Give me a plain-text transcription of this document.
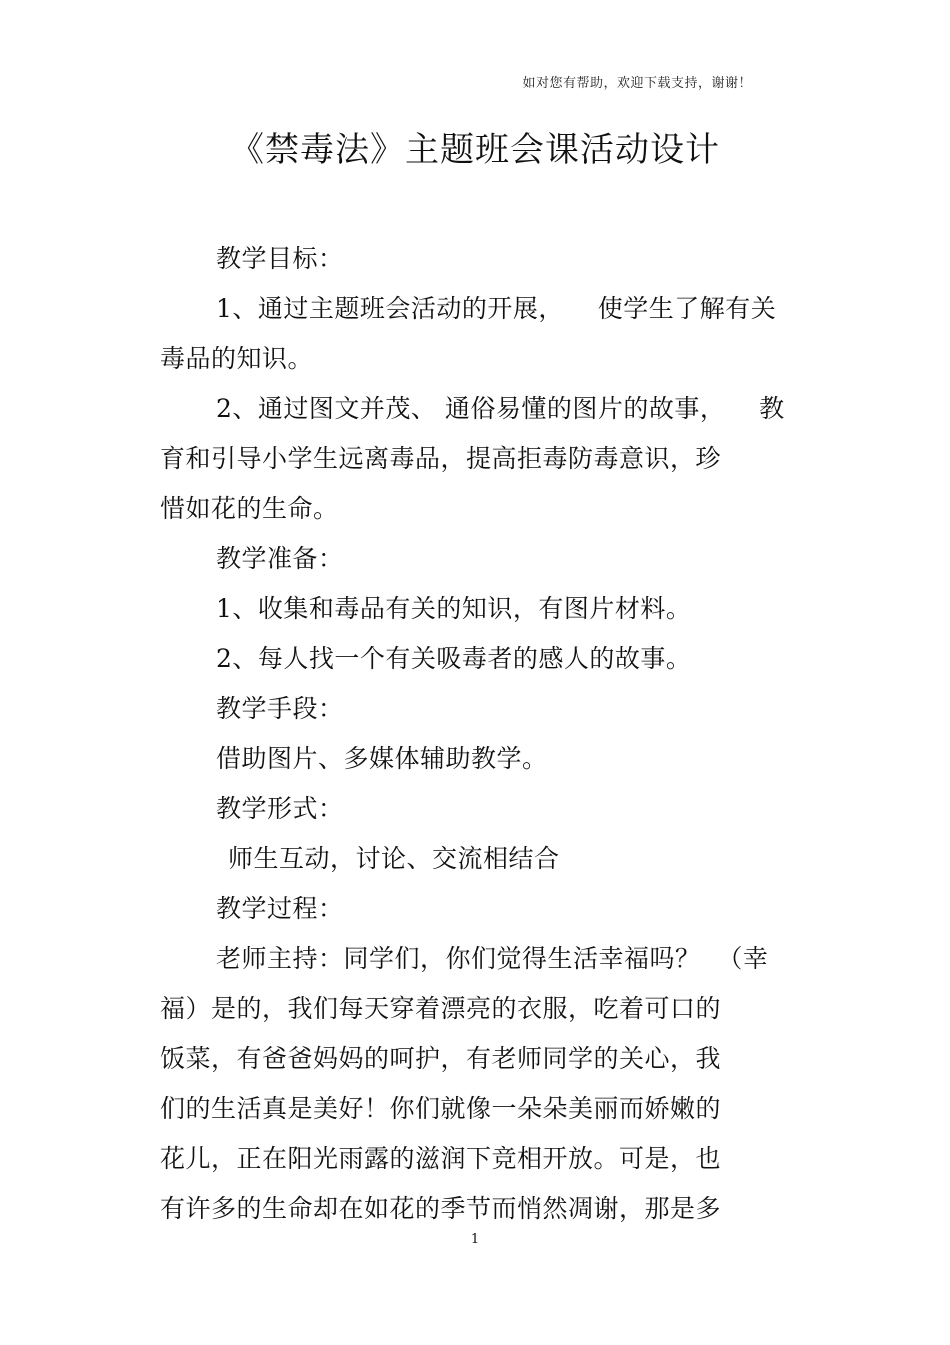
如对您有帮助，欢迎下载支持，谢谢！
《禁毒法》主题班会课活动设计
教学目标：
1、通过主题班会活动的开展，    使学生了解有关
毒品的知识。
2、通过图文并茂、 通俗易懂的图片的故事，    教
育和引导小学生远离毒品，提高拒毒防毒意识，珍
惜如花的生命。
教学准备：
1、收集和毒品有关的知识，有图片材料。
2、每人找一个有关吸毒者的感人的故事。
教学手段：
借助图片、多媒体辅助教学。
教学形式：
师生互动，讨论、交流相结合
教学过程：
老师主持：同学们，你们觉得生活幸福吗？  （幸
福）是的，我们每天穿着漂亮的衣服，吃着可口的
饭菜，有爸爸妈妈的呵护，有老师同学的关心，我
们的生活真是美好！你们就像一朵朵美丽而娇嫩的
花儿，正在阳光雨露的滋润下竞相开放。可是，也
有许多的生命却在如花的季节而悄然凋谢，那是多
1
